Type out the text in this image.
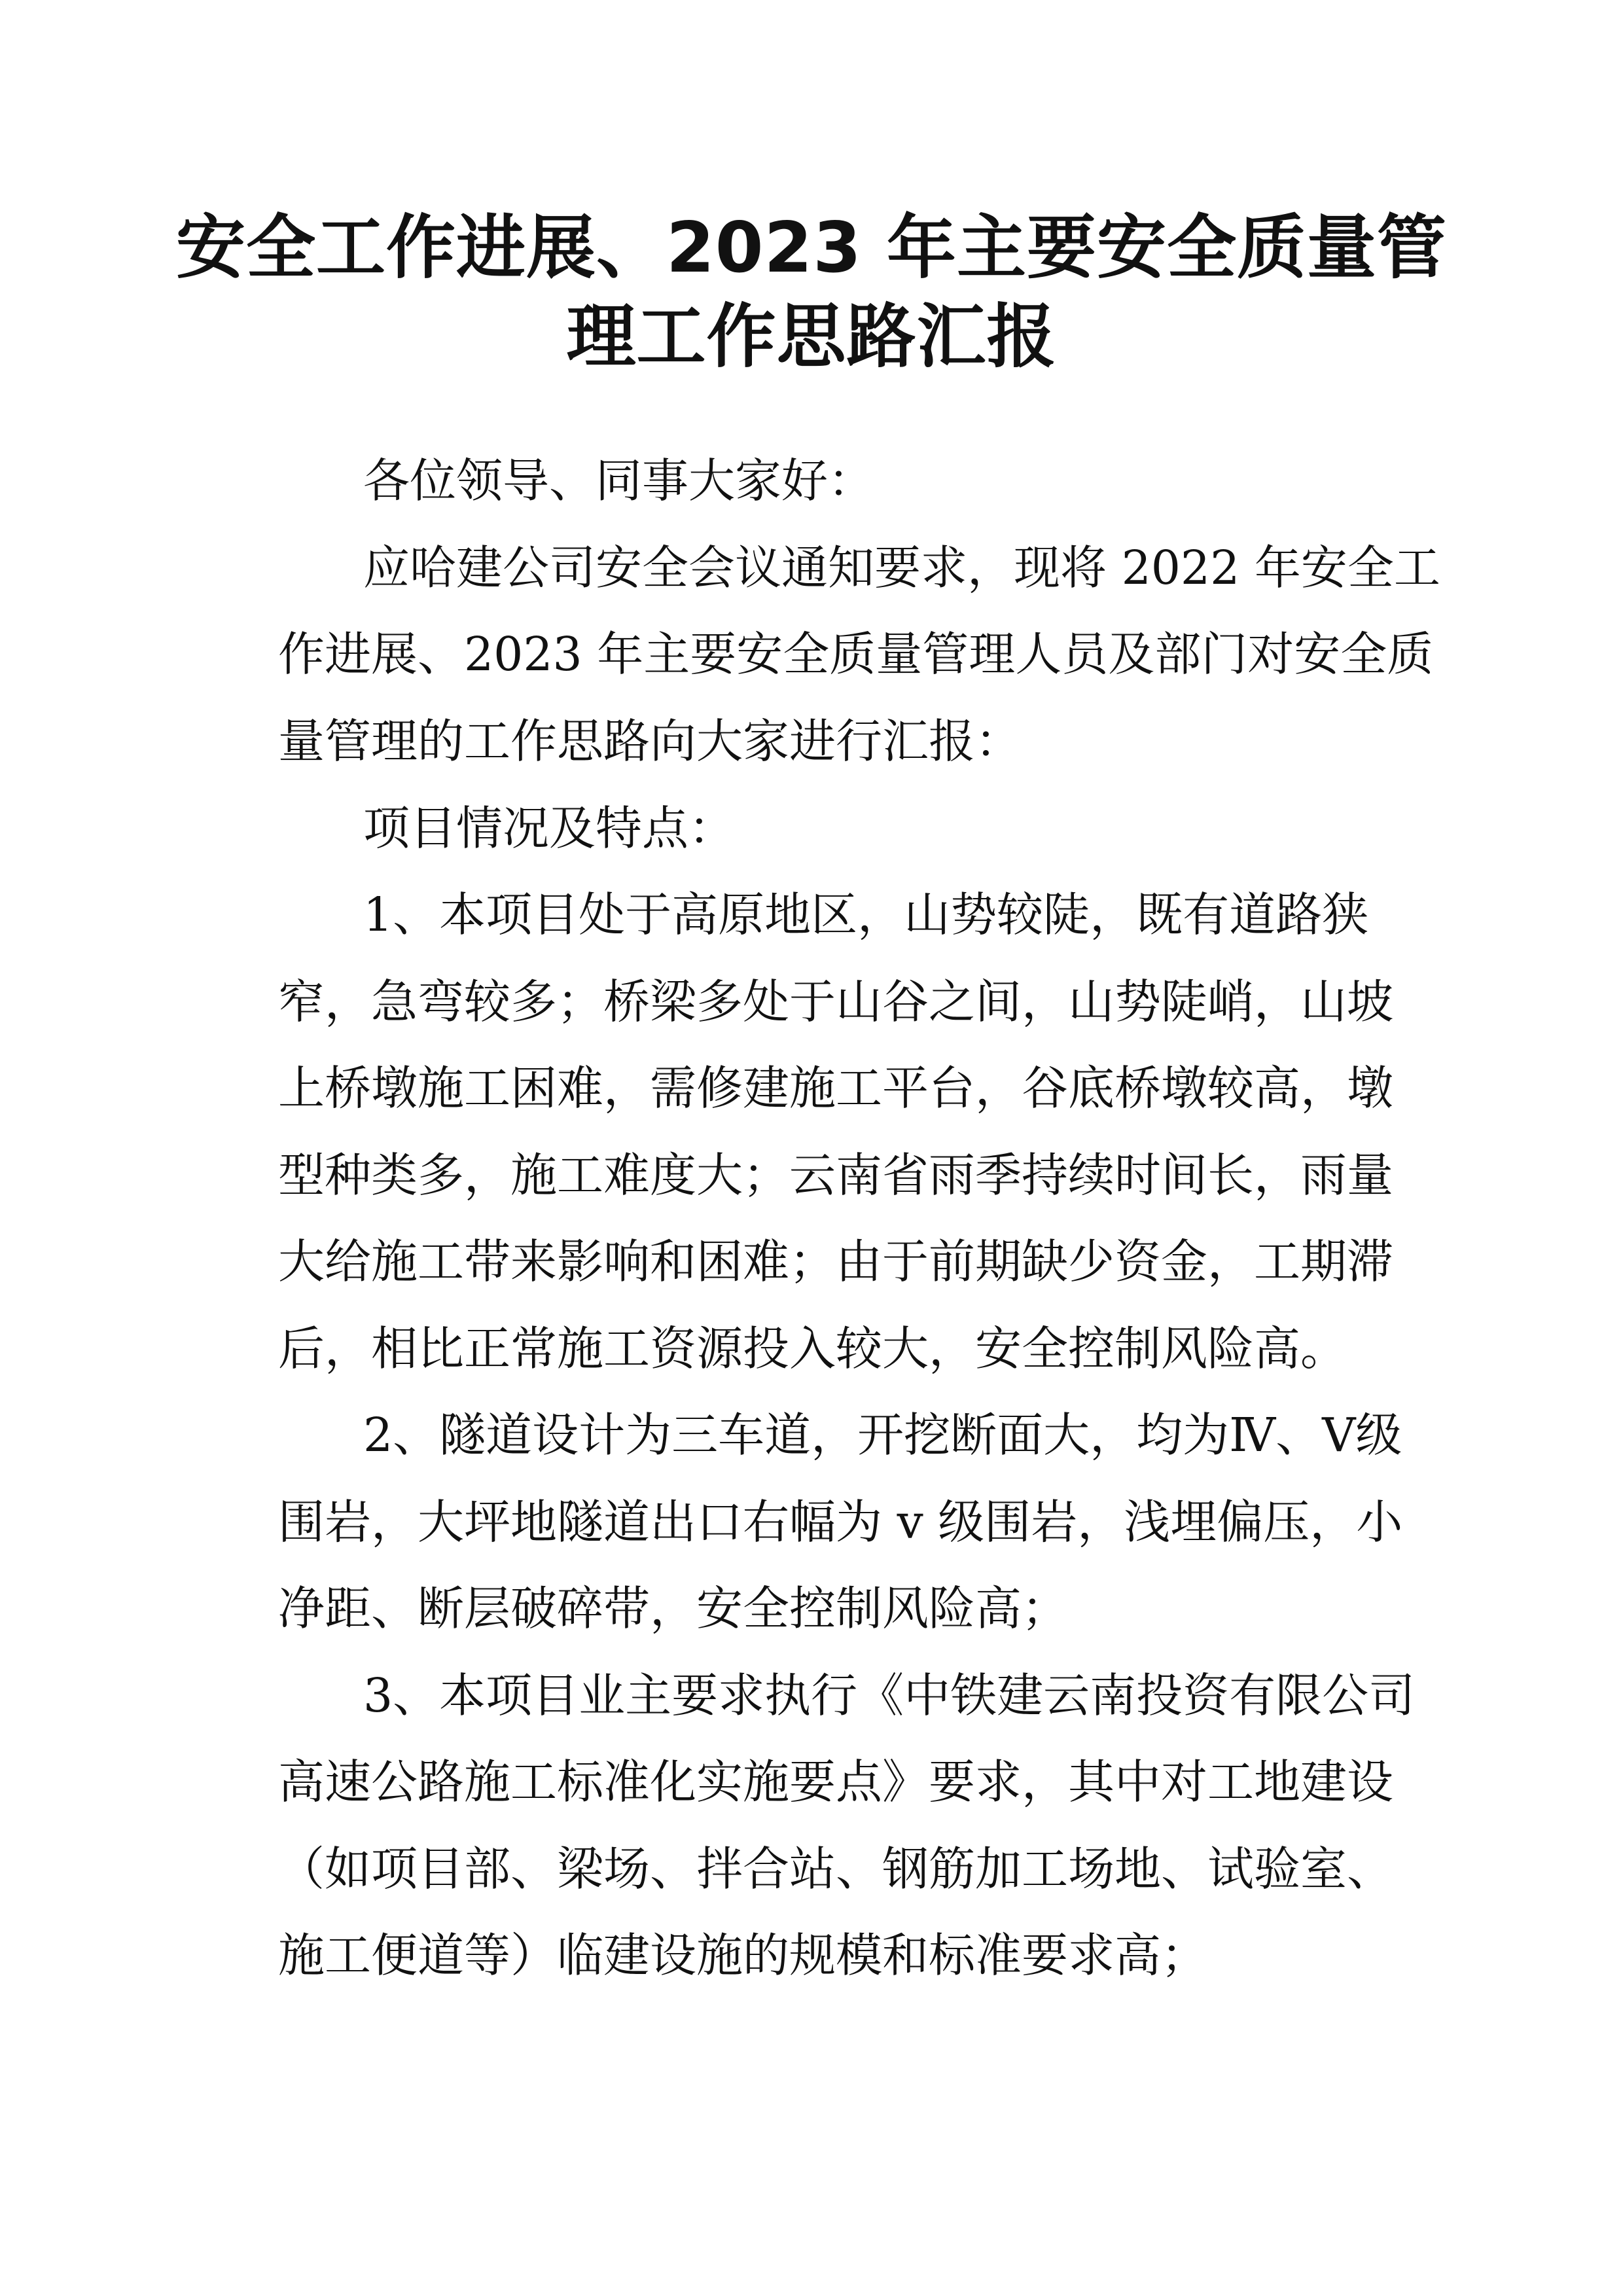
安全工作进展、2023 年主要安全质量管
理工作思路汇报
各位领导、同事大家好：
应哈建公司安全会议通知要求，现将 2022 年安全工
作进展、2023 年主要安全质量管理人员及部门对安全质
量管理的工作思路向大家进行汇报：
项目情况及特点：
1、本项目处于高原地区，山势较陡，既有道路狭
窄，急弯较多；桥梁多处于山谷之间，山势陡峭，山坡
上桥墩施工困难，需修建施工平台，谷底桥墩较高，墩
型种类多，施工难度大；云南省雨季持续时间长，雨量
大给施工带来影响和困难；由于前期缺少资金，工期滞
后，相比正常施工资源投入较大，安全控制风险高。
2、隧道设计为三车道，开挖断面大，均为Ⅳ、Ⅴ级
围岩，大坪地隧道出口右幅为 v 级围岩，浅埋偏压，小
净距、断层破碎带，安全控制风险高；
3、本项目业主要求执行《中铁建云南投资有限公司
高速公路施工标准化实施要点》要求，其中对工地建设
（如项目部、梁场、拌合站、钢筋加工场地、试验室、
施工便道等）临建设施的规模和标准要求高；
